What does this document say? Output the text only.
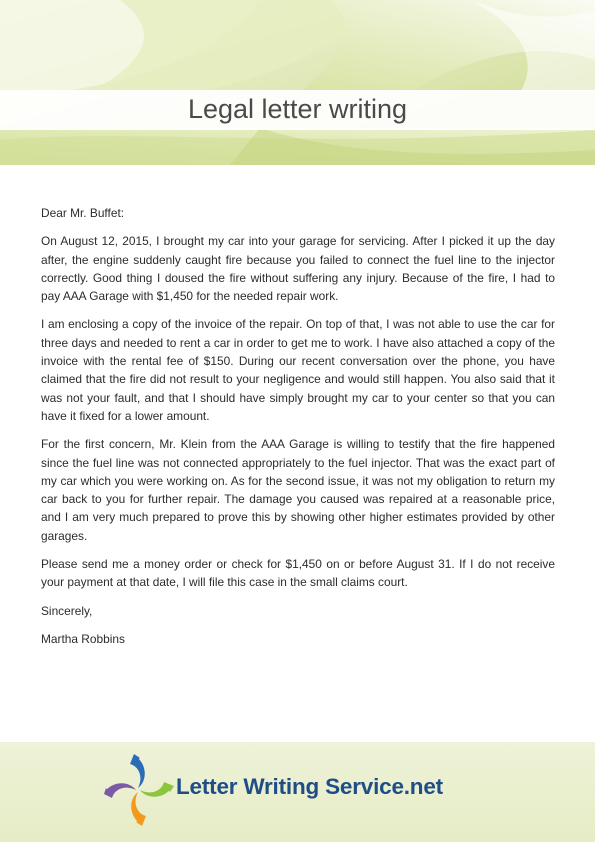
Legal letter writing

Dear Mr. Buffet:

On August 12, 2015, I brought my car into your garage for servicing. After I picked it up the day after, the engine suddenly caught fire because you failed to connect the fuel line to the injector correctly. Good thing I doused the fire without suffering any injury. Because of the fire, I had to pay AAA Garage with $1,450 for the needed repair work.

I am enclosing a copy of the invoice of the repair. On top of that, I was not able to use the car for three days and needed to rent a car in order to get me to work. I have also attached a copy of the invoice with the rental fee of $150. During our recent conversation over the phone, you have claimed that the fire did not result to your negligence and would still happen. You also said that it was not your fault, and that I should have simply brought my car to your center so that you can have it fixed for a lower amount.

For the first concern, Mr. Klein from the AAA Garage is willing to testify that the fire happened since the fuel line was not connected appropriately to the fuel injector. That was the exact part of my car which you were working on. As for the second issue, it was not my obligation to return my car back to you for further repair. The damage you caused was repaired at a reasonable price, and I am very much prepared to prove this by showing other higher estimates provided by other garages.

Please send me a money order or check for $1,450 on or before August 31. If I do not receive your payment at that date, I will file this case in the small claims court.

Sincerely,

Martha Robbins

Letter Writing Service.net
